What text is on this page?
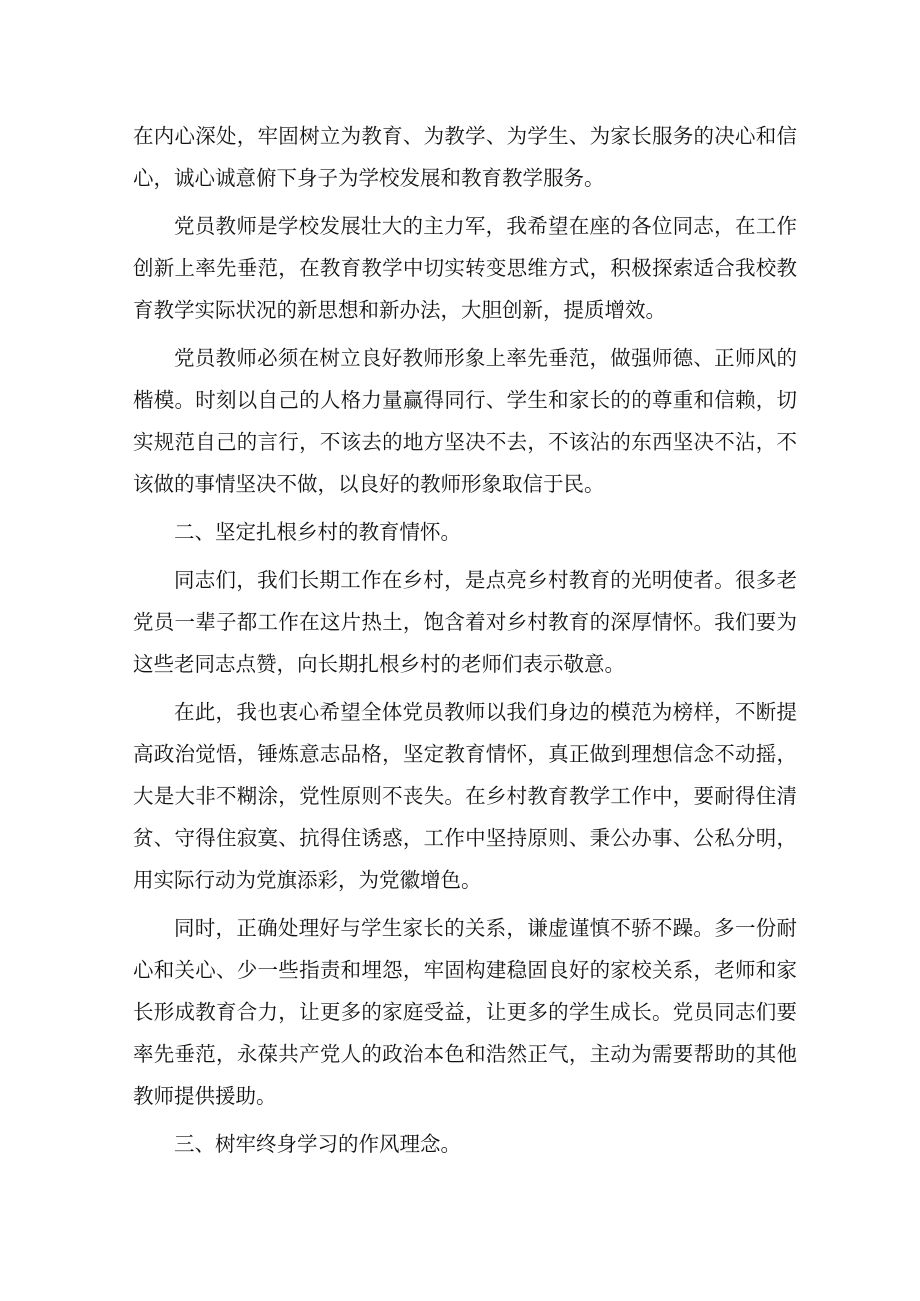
在内心深处，牢固树立为教育、为教学、为学生、为家长服务的决心和信心，诚心诚意俯下身子为学校发展和教育教学服务。

党员教师是学校发展壮大的主力军，我希望在座的各位同志，在工作创新上率先垂范，在教育教学中切实转变思维方式，积极探索适合我校教育教学实际状况的新思想和新办法，大胆创新，提质增效。

党员教师必须在树立良好教师形象上率先垂范，做强师德、正师风的楷模。时刻以自己的人格力量赢得同行、学生和家长的的尊重和信赖，切实规范自己的言行，不该去的地方坚决不去，不该沾的东西坚决不沾，不该做的事情坚决不做，以良好的教师形象取信于民。

二、坚定扎根乡村的教育情怀。

同志们，我们长期工作在乡村，是点亮乡村教育的光明使者。很多老党员一辈子都工作在这片热土，饱含着对乡村教育的深厚情怀。我们要为这些老同志点赞，向长期扎根乡村的老师们表示敬意。

在此，我也衷心希望全体党员教师以我们身边的模范为榜样，不断提高政治觉悟，锤炼意志品格，坚定教育情怀，真正做到理想信念不动摇，大是大非不糊涂，党性原则不丧失。在乡村教育教学工作中，要耐得住清贫、守得住寂寞、抗得住诱惑，工作中坚持原则、秉公办事、公私分明，用实际行动为党旗添彩，为党徽增色。

同时，正确处理好与学生家长的关系，谦虚谨慎不骄不躁。多一份耐心和关心、少一些指责和埋怨，牢固构建稳固良好的家校关系，老师和家长形成教育合力，让更多的家庭受益，让更多的学生成长。党员同志们要率先垂范，永葆共产党人的政治本色和浩然正气，主动为需要帮助的其他教师提供援助。

三、树牢终身学习的作风理念。
